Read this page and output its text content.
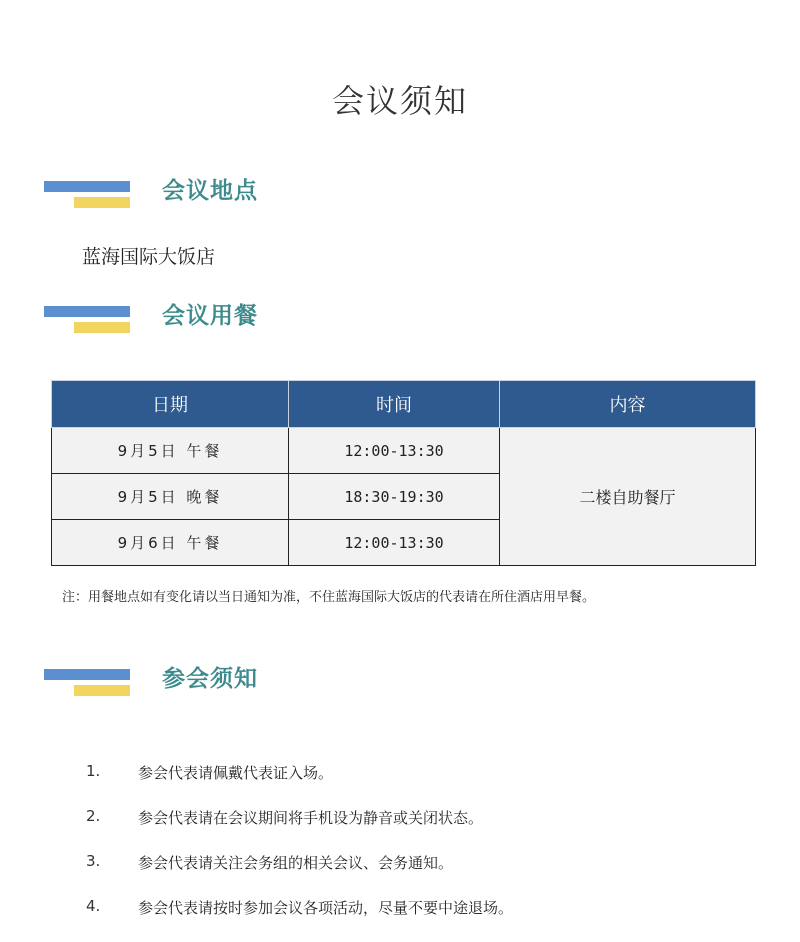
会议须知
会议地点
蓝海国际大饭店
会议用餐
日期	时间	内容
9月5日 午餐	12:00-13:30	二楼自助餐厅
9月5日 晚餐	18:30-19:30	
9月6日 午餐	12:00-13:30	
注：用餐地点如有变化请以当日通知为准，不住蓝海国际大饭店的代表请在所住酒店用早餐。
参会须知
1.	参会代表请佩戴代表证入场。
2.	参会代表请在会议期间将手机设为静音或关闭状态。
3.	参会代表请关注会务组的相关会议、会务通知。
4.	参会代表请按时参加会议各项活动，尽量不要中途退场。
